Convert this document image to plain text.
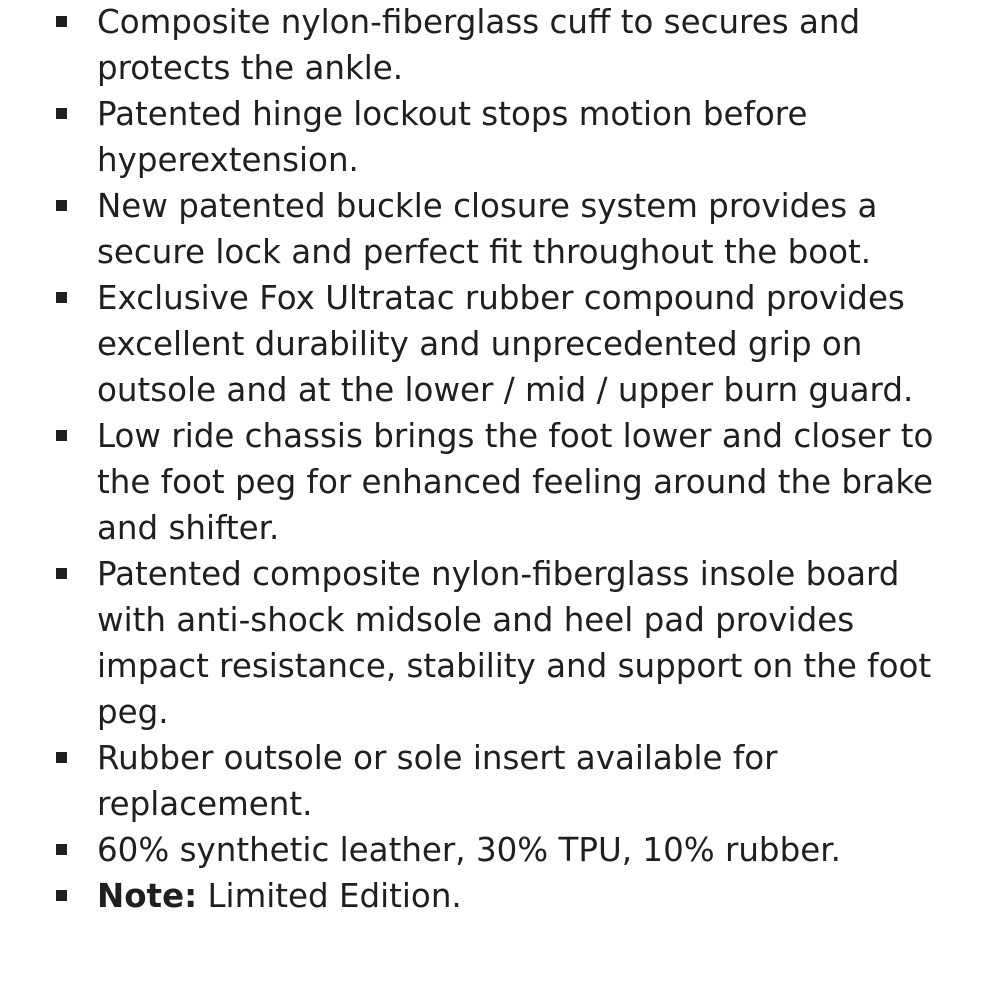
Composite nylon-fiberglass cuff to secures and protects the ankle.
Patented hinge lockout stops motion before hyperextension.
New patented buckle closure system provides a secure lock and perfect fit throughout the boot.
Exclusive Fox Ultratac rubber compound provides excellent durability and unprecedented grip on outsole and at the lower / mid / upper burn guard.
Low ride chassis brings the foot lower and closer to the foot peg for enhanced feeling around the brake and shifter.
Patented composite nylon-fiberglass insole board with anti-shock midsole and heel pad provides impact resistance, stability and support on the foot peg.
Rubber outsole or sole insert available for replacement.
60% synthetic leather, 30% TPU, 10% rubber.
Note: Limited Edition.
